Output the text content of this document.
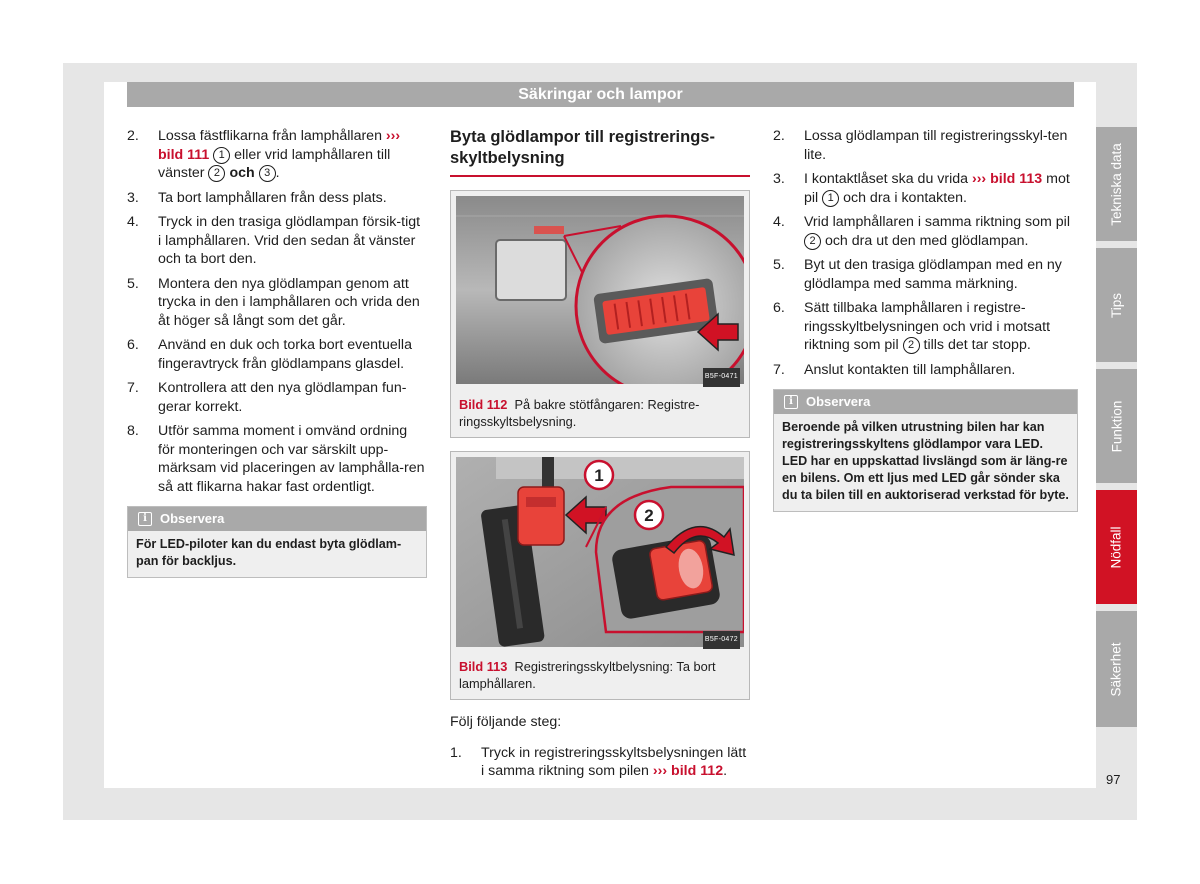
Säkringar och lampor
2. Lossa fästflikarna från lamphållaren ››› bild 111 1 eller vrid lamphållaren till vänster 2 och 3 .
3. Ta bort lamphållaren från dess plats.
4. Tryck in den trasiga glödlampan försik-tigt i lamphållaren. Vrid den sedan åt vänster och ta bort den.
5. Montera den nya glödlampan genom att trycka in den i lamphållaren och vrida den åt höger så långt som det går.
6. Använd en duk och torka bort eventuella fingeravtryck från glödlampans glasdel.
7. Kontrollera att den nya glödlampan fun-gerar korrekt.
8. Utför samma moment i omvänd ordning för monteringen och var särskilt upp-märksam vid placeringen av lamphålla-ren så att flikarna hakar fast ordentligt.
i	Observera
För LED-piloter kan du endast byta glödlam-pan för backljus.
Byta glödlampor till registrerings-skyltbelysning
B5F-0471
Bild 112 På bakre stötfångaren: Registre-ringsskyltsbelysning.
1
2
B5F-0472
Bild 113 Registreringsskyltbelysning: Ta bort lamphållaren.

Följ följande steg:

1. Tryck in registreringsskyltsbelysningen lätt i samma riktning som pilen ››› bild 112.
2. Lossa glödlampan till registreringsskyl-ten lite.
3. I kontaktlåset ska du vrida ››› bild 113 mot pil 1 och dra i kontakten.
4. Vrid lamphållaren i samma riktning som pil 2 och dra ut den med glödlampan.
5. Byt ut den trasiga glödlampan med en ny glödlampa med samma märkning.
6. Sätt tillbaka lamphållaren i registre-ringsskyltbelysningen och vrid i motsatt riktning som pil 2 tills det tar stopp.
7. Anslut kontakten till lamphållaren.
i	Observera
Beroende på vilken utrustning bilen har kan registreringsskyltens glödlampor vara LED. LED har en uppskattad livslängd som är läng-re en bilens. Om ett ljus med LED går sönder ska du ta bilen till en auktoriserad verkstad för byte.
Tekniska data
Tips
Funktion
Nödfall
Säkerhet
97
